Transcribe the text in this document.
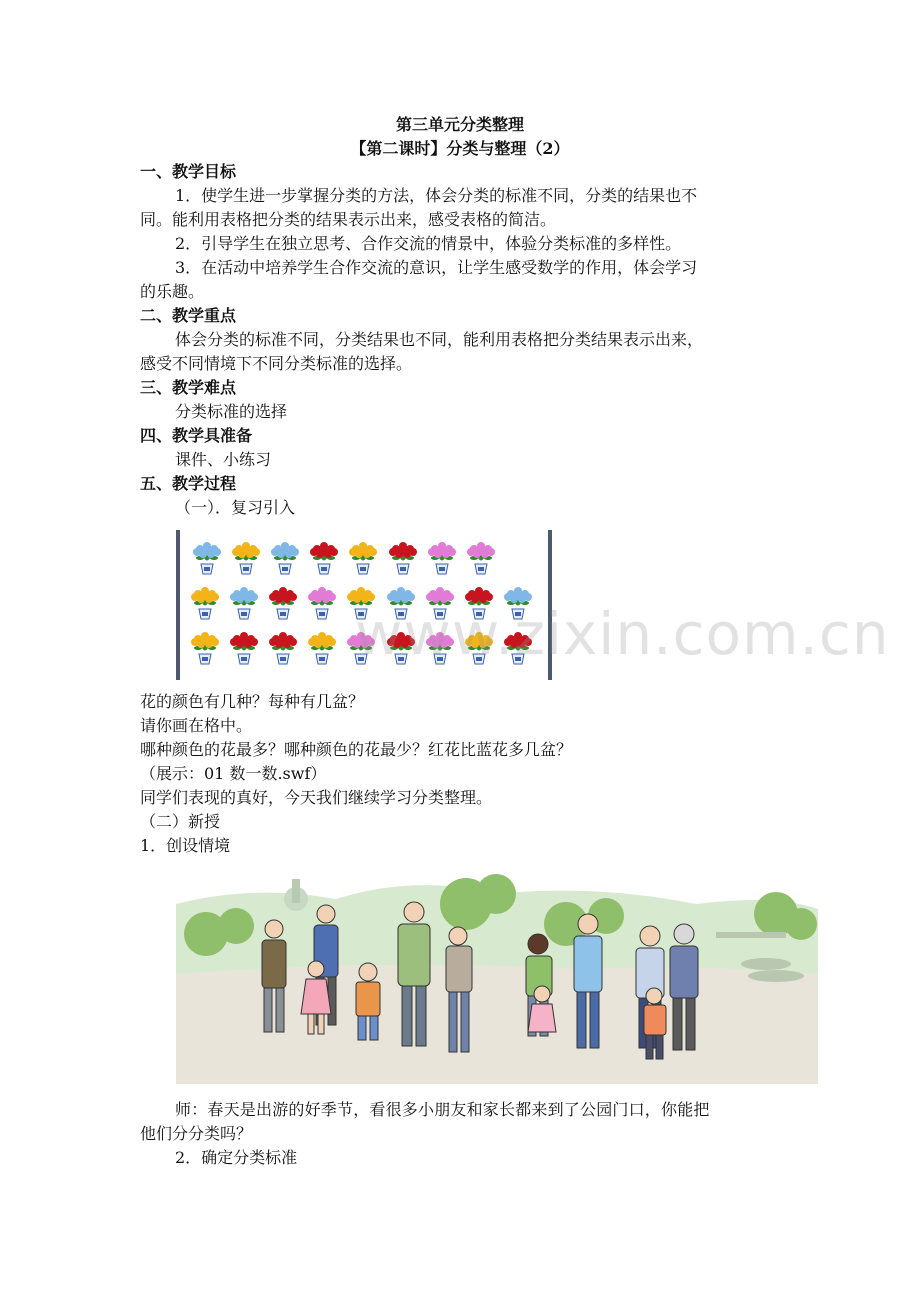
第三单元分类整理
【第二课时】分类与整理（2）
一、教学目标
1．使学生进一步掌握分类的方法，体会分类的标准不同，分类的结果也不
同。能利用表格把分类的结果表示出来，感受表格的简洁。
2．引导学生在独立思考、合作交流的情景中，体验分类标准的多样性。
3．在活动中培养学生合作交流的意识，让学生感受数学的作用，体会学习
的乐趣。
二、教学重点
体会分类的标准不同，分类结果也不同，能利用表格把分类结果表示出来，
感受不同情境下不同分类标准的选择。
三、教学难点
分类标准的选择
四、教学具准备
课件、小练习
五、教学过程
（一）．复习引入
www.zixin.com.cn
花的颜色有几种？每种有几盆？
请你画在格中。
哪种颜色的花最多？哪种颜色的花最少？红花比蓝花多几盆？
（展示：01 数一数.swf）
同学们表现的真好，今天我们继续学习分类整理。
（二）新授
1．创设情境
师：春天是出游的好季节，看很多小朋友和家长都来到了公园门口，你能把
他们分分类吗？
2．确定分类标准
